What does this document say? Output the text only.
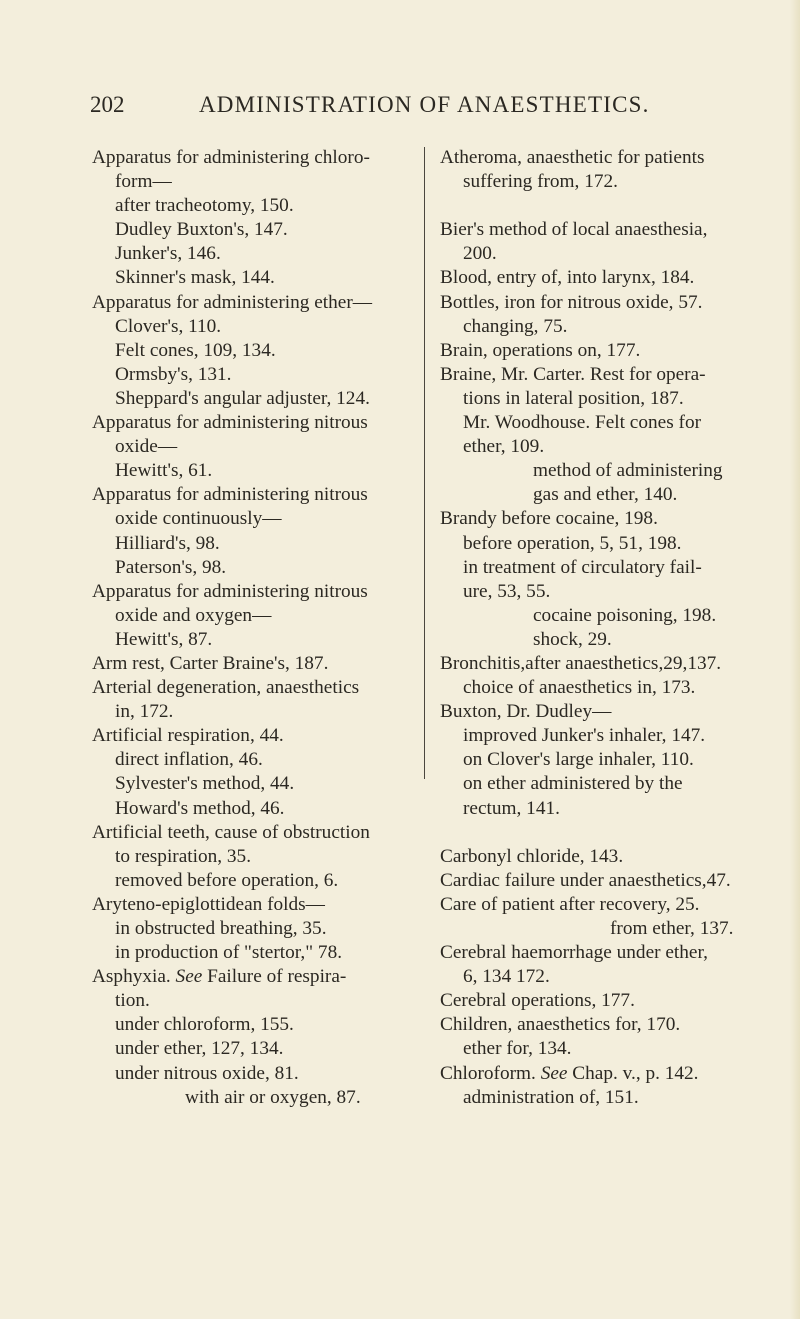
202	ADMINISTRATION OF ANAESTHETICS.
Apparatus for administering chloro-
form—
after tracheotomy, 150.
Dudley Buxton's, 147.
Junker's, 146.
Skinner's mask, 144.
Apparatus for administering ether—
Clover's, 110.
Felt cones, 109, 134.
Ormsby's, 131.
Sheppard's angular adjuster, 124.
Apparatus for administering nitrous
oxide—
Hewitt's, 61.
Apparatus for administering nitrous
oxide continuously—
Hilliard's, 98.
Paterson's, 98.
Apparatus for administering nitrous
oxide and oxygen—
Hewitt's, 87.
Arm rest, Carter Braine's, 187.
Arterial degeneration, anaesthetics
in, 172.
Artificial respiration, 44.
direct inflation, 46.
Sylvester's method, 44.
Howard's method, 46.
Artificial teeth, cause of obstruction
to respiration, 35.
removed before operation, 6.
Aryteno-epiglottidean folds—
in obstructed breathing, 35.
in production of "stertor," 78.
Asphyxia. See Failure of respira-
tion.
under chloroform, 155.
under ether, 127, 134.
under nitrous oxide, 81.
with air or oxygen, 87.
Atheroma, anaesthetic for patients
suffering from, 172.
Bier's method of local anaesthesia,
200.
Blood, entry of, into larynx, 184.
Bottles, iron for nitrous oxide, 57.
changing, 75.
Brain, operations on, 177.
Braine, Mr. Carter. Rest for opera-
tions in lateral position, 187.
Mr. Woodhouse. Felt cones for
ether, 109.
method of administering
gas and ether, 140.
Brandy before cocaine, 198.
before operation, 5, 51, 198.
in treatment of circulatory fail-
ure, 53, 55.
cocaine poisoning, 198.
shock, 29.
Bronchitis,after anaesthetics,29,137.
choice of anaesthetics in, 173.
Buxton, Dr. Dudley—
improved Junker's inhaler, 147.
on Clover's large inhaler, 110.
on ether administered by the
rectum, 141.
Carbonyl chloride, 143.
Cardiac failure under anaesthetics,47.
Care of patient after recovery, 25.
from ether, 137.
Cerebral haemorrhage under ether,
6, 134 172.
Cerebral operations, 177.
Children, anaesthetics for, 170.
ether for, 134.
Chloroform. See Chap. v., p. 142.
administration of, 151.
